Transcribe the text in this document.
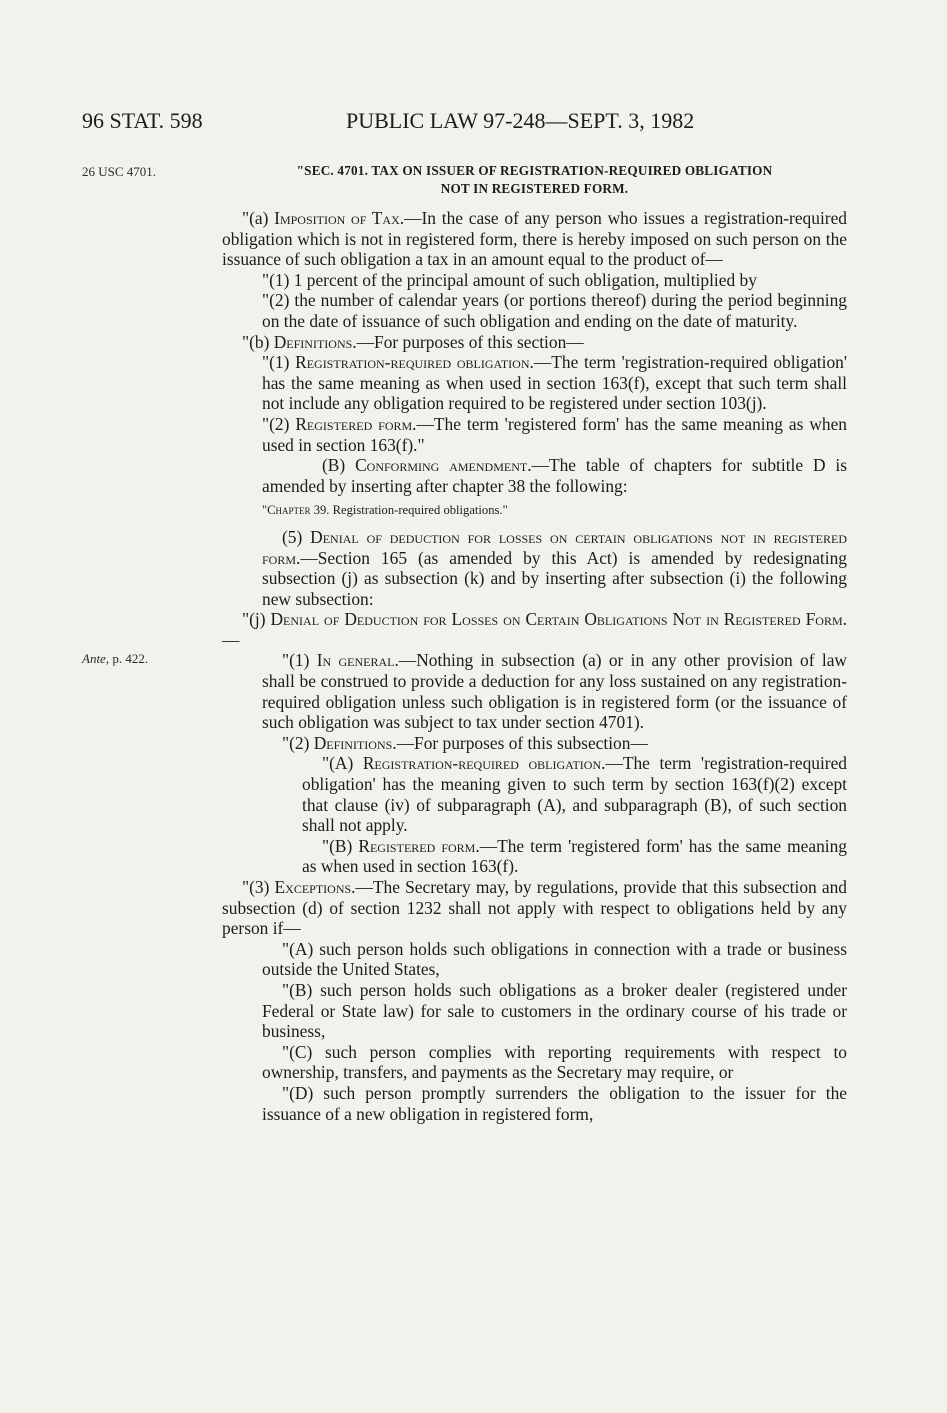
96 STAT. 598	PUBLIC LAW 97-248—SEPT. 3, 1982
26 USC 4701.
Ante, p. 422.
"SEC. 4701. TAX ON ISSUER OF REGISTRATION-REQUIRED OBLIGATION
NOT IN REGISTERED FORM.

"(a) Imposition of Tax.—In the case of any person who issues a registration-required obligation which is not in registered form, there is hereby imposed on such person on the issuance of such obligation a tax in an amount equal to the product of—

"(1) 1 percent of the principal amount of such obligation, multiplied by

"(2) the number of calendar years (or portions thereof) during the period beginning on the date of issuance of such obligation and ending on the date of maturity.

"(b) Definitions.—For purposes of this section—

"(1) Registration-required obligation.—The term 'registration-required obligation' has the same meaning as when used in section 163(f), except that such term shall not include any obligation required to be registered under section 103(j).

"(2) Registered form.—The term 'registered form' has the same meaning as when used in section 163(f)."

(B) Conforming amendment.—The table of chapters for subtitle D is amended by inserting after chapter 38 the following:

"Chapter 39. Registration-required obligations."

(5) Denial of deduction for losses on certain obligations not in registered form.—Section 165 (as amended by this Act) is amended by redesignating subsection (j) as subsection (k) and by inserting after subsection (i) the following new subsection:

"(j) Denial of Deduction for Losses on Certain Obligations Not in Registered Form.—

"(1) In general.—Nothing in subsection (a) or in any other provision of law shall be construed to provide a deduction for any loss sustained on any registration-required obligation unless such obligation is in registered form (or the issuance of such obligation was subject to tax under section 4701).

"(2) Definitions.—For purposes of this subsection—

"(A) Registration-required obligation.—The term 'registration-required obligation' has the meaning given to such term by section 163(f)(2) except that clause (iv) of subparagraph (A), and subparagraph (B), of such section shall not apply.

"(B) Registered form.—The term 'registered form' has the same meaning as when used in section 163(f).

"(3) Exceptions.—The Secretary may, by regulations, provide that this subsection and subsection (d) of section 1232 shall not apply with respect to obligations held by any person if—

"(A) such person holds such obligations in connection with a trade or business outside the United States,

"(B) such person holds such obligations as a broker dealer (registered under Federal or State law) for sale to customers in the ordinary course of his trade or business,

"(C) such person complies with reporting requirements with respect to ownership, transfers, and payments as the Secretary may require, or

"(D) such person promptly surrenders the obligation to the issuer for the issuance of a new obligation in registered form,
